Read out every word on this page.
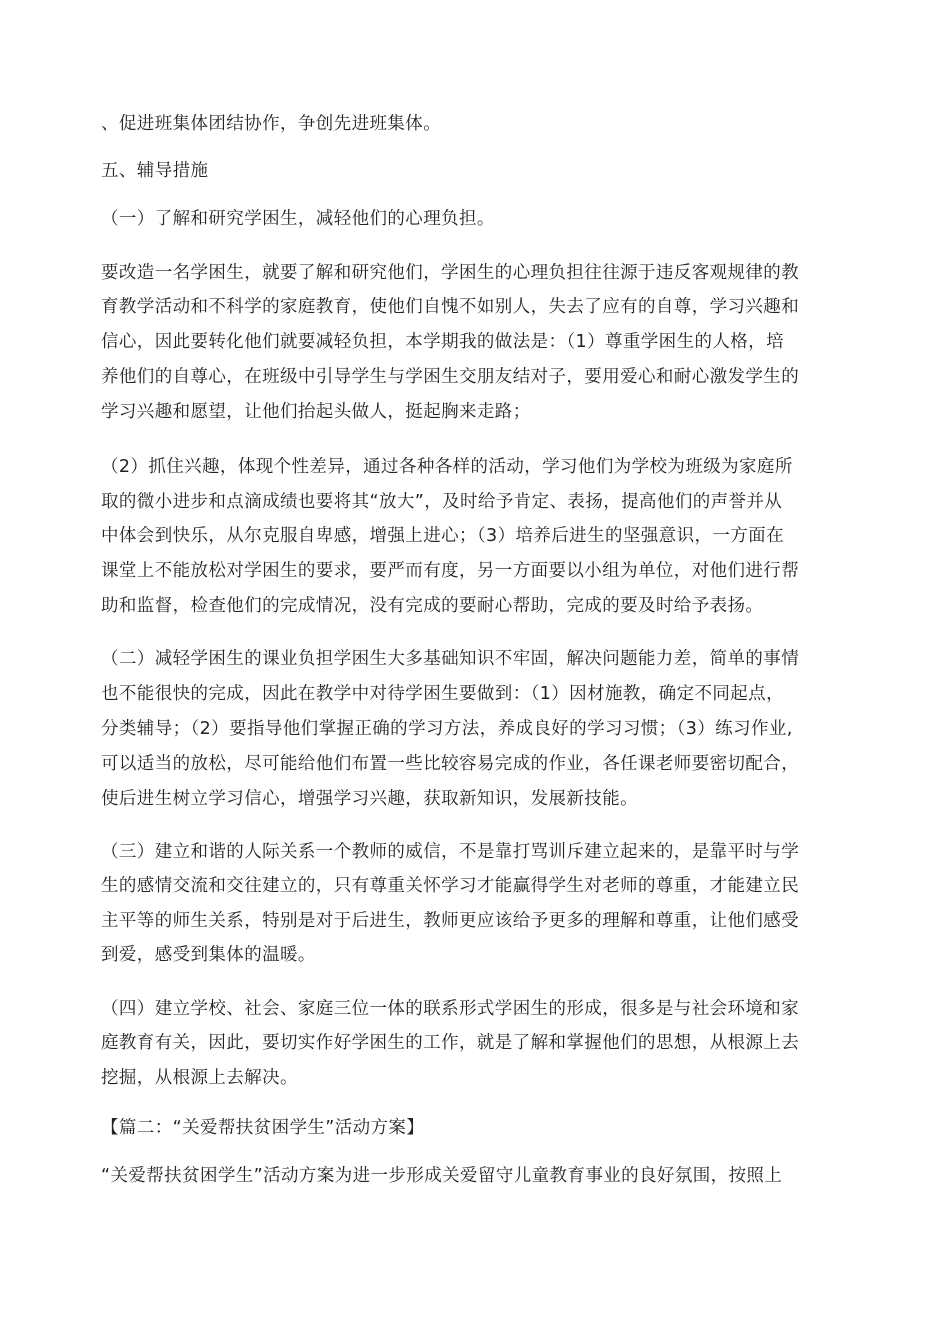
、促进班集体团结协作，争创先进班集体。
五、辅导措施
（一）了解和研究学困生，减轻他们的心理负担。
要改造一名学困生，就要了解和研究他们，学困生的心理负担往往源于违反客观规律的教
育教学活动和不科学的家庭教育，使他们自愧不如别人，失去了应有的自尊，学习兴趣和
信心，因此要转化他们就要减轻负担，本学期我的做法是：（1）尊重学困生的人格，培
养他们的自尊心，在班级中引导学生与学困生交朋友结对子，要用爱心和耐心激发学生的
学习兴趣和愿望，让他们抬起头做人，挺起胸来走路；
（2）抓住兴趣，体现个性差异，通过各种各样的活动，学习他们为学校为班级为家庭所
取的微小进步和点滴成绩也要将其“放大”，及时给予肯定、表扬，提高他们的声誉并从
中体会到快乐，从尔克服自卑感，增强上进心；（3）培养后进生的坚强意识，一方面在
课堂上不能放松对学困生的要求，要严而有度，另一方面要以小组为单位，对他们进行帮
助和监督，检查他们的完成情况，没有完成的要耐心帮助，完成的要及时给予表扬。
（二）减轻学困生的课业负担学困生大多基础知识不牢固，解决问题能力差，简单的事情
也不能很快的完成，因此在教学中对待学困生要做到：（1）因材施教，确定不同起点，
分类辅导；（2）要指导他们掌握正确的学习方法，养成良好的学习习惯；（3）练习作业,
可以适当的放松，尽可能给他们布置一些比较容易完成的作业，各任课老师要密切配合，
使后进生树立学习信心，增强学习兴趣，获取新知识，发展新技能。
（三）建立和谐的人际关系一个教师的威信，不是靠打骂训斥建立起来的，是靠平时与学
生的感情交流和交往建立的，只有尊重关怀学习才能赢得学生对老师的尊重，才能建立民
主平等的师生关系，特别是对于后进生，教师更应该给予更多的理解和尊重，让他们感受
到爱，感受到集体的温暖。
（四）建立学校、社会、家庭三位一体的联系形式学困生的形成，很多是与社会环境和家
庭教育有关，因此，要切实作好学困生的工作，就是了解和掌握他们的思想，从根源上去
挖掘，从根源上去解决。
【篇二：“关爱帮扶贫困学生”活动方案】
“关爱帮扶贫困学生”活动方案为进一步形成关爱留守儿童教育事业的良好氛围，按照上
